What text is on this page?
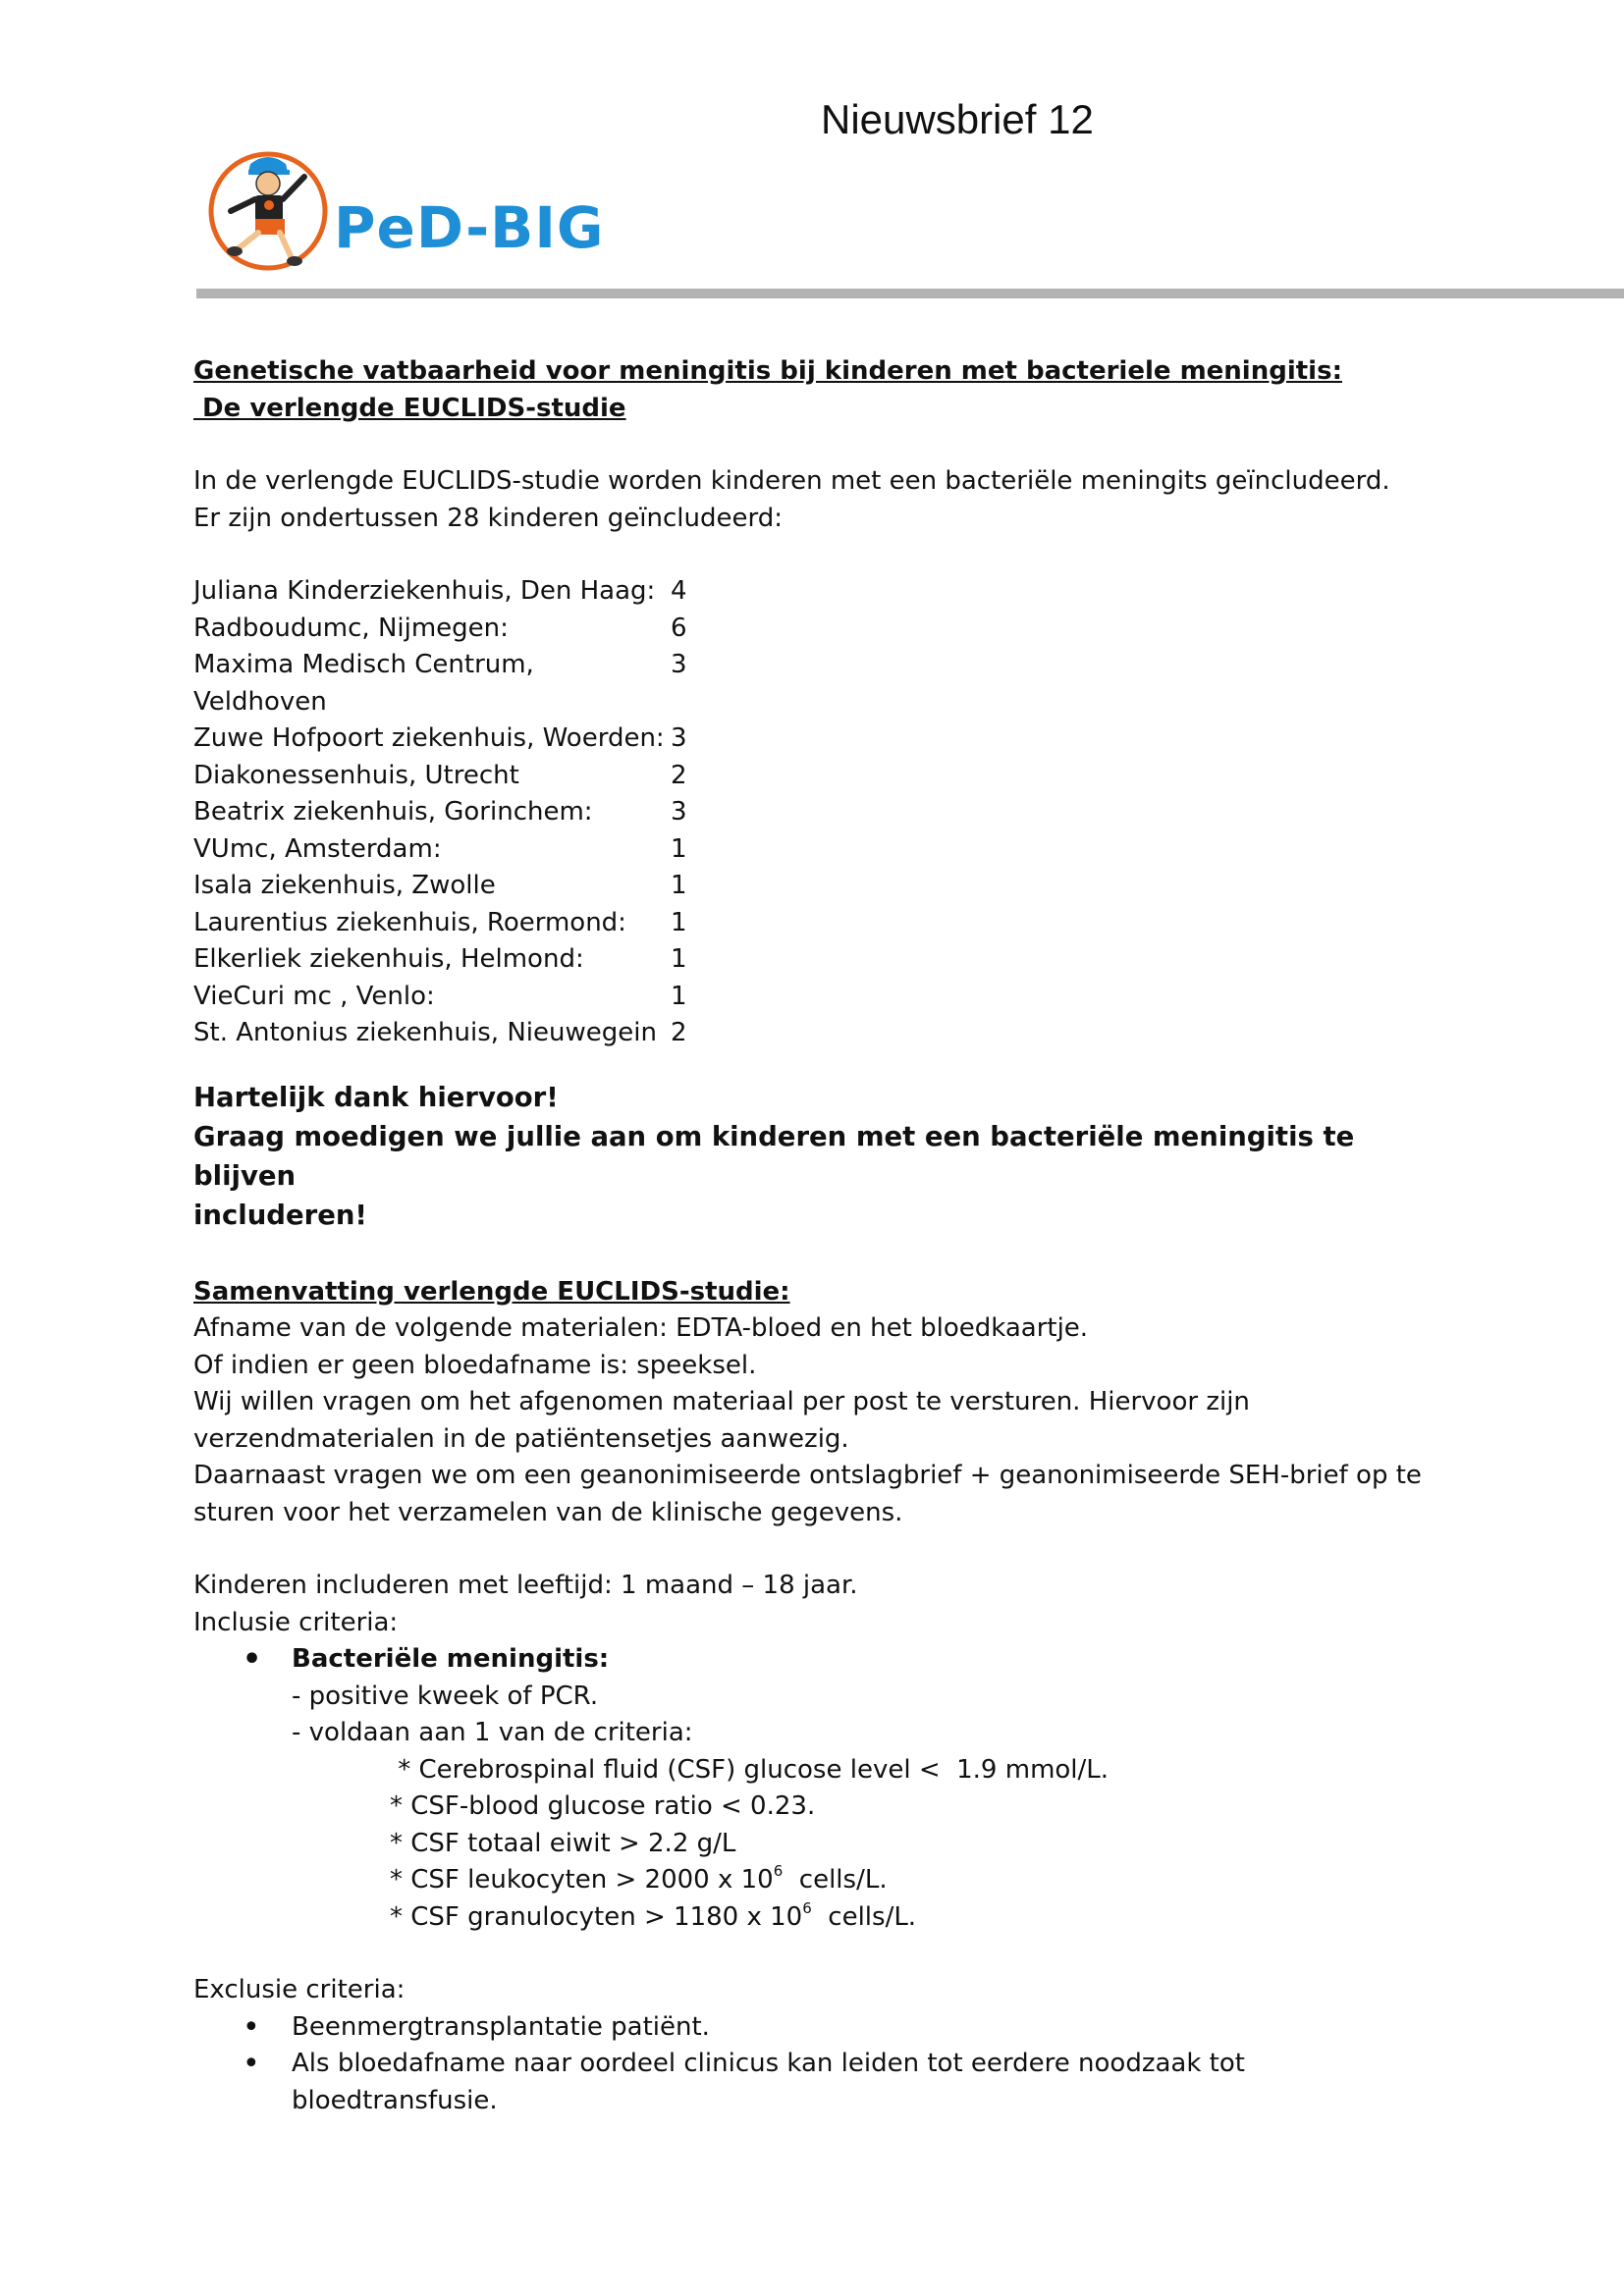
Nieuwsbrief 12
PeD-BIG

Genetische vatbaarheid voor meningitis bij kinderen met bacteriele meningitis:

De verlengde EUCLIDS-studie

In de verlengde EUCLIDS-studie worden kinderen met een bacteriële meningits geïncludeerd.

Er zijn ondertussen 28 kinderen geïncludeerd:

Juliana Kinderziekenhuis, Den Haag:	4
Radboudumc, Nijmegen:	6
Maxima Medisch Centrum, Veldhoven	3
Zuwe Hofpoort ziekenhuis, Woerden:	3
Diakonessenhuis, Utrecht	2
Beatrix ziekenhuis, Gorinchem:	3
VUmc, Amsterdam:	1
Isala ziekenhuis, Zwolle	1
Laurentius ziekenhuis, Roermond:	1
Elkerliek ziekenhuis, Helmond:	1
VieCuri mc , Venlo:	1
St. Antonius ziekenhuis, Nieuwegein	2

Hartelijk dank hiervoor!

Graag moedigen we jullie aan om kinderen met een bacteriële meningitis te blijven

includeren!

Samenvatting verlengde EUCLIDS-studie:

Afname van de volgende materialen: EDTA-bloed en het bloedkaartje.

Of indien er geen bloedafname is: speeksel.

Wij willen vragen om het afgenomen materiaal per post te versturen. Hiervoor zijn

verzendmaterialen in de patiëntensetjes aanwezig.

Daarnaast vragen we om een geanonimiseerde ontslagbrief + geanonimiseerde SEH-brief op te

sturen voor het verzamelen van de klinische gegevens.

Kinderen includeren met leeftijd: 1 maand – 18 jaar.

Inclusie criteria:

• Bacteriële meningitis:

- positive kweek of PCR.

- voldaan aan 1 van de criteria:

* Cerebrospinal fluid (CSF) glucose level <  1.9 mmol/L.

* CSF-blood glucose ratio < 0.23.

* CSF totaal eiwit > 2.2 g/L

* CSF leukocyten > 2000 x $10^6$  cells/L.

* CSF granulocyten > 1180 x $10^6$  cells/L.

Exclusie criteria:

• Beenmergtransplantatie patiënt.
• Als bloedafname naar oordeel clinicus kan leiden tot eerdere noodzaak tot bloedtransfusie.
